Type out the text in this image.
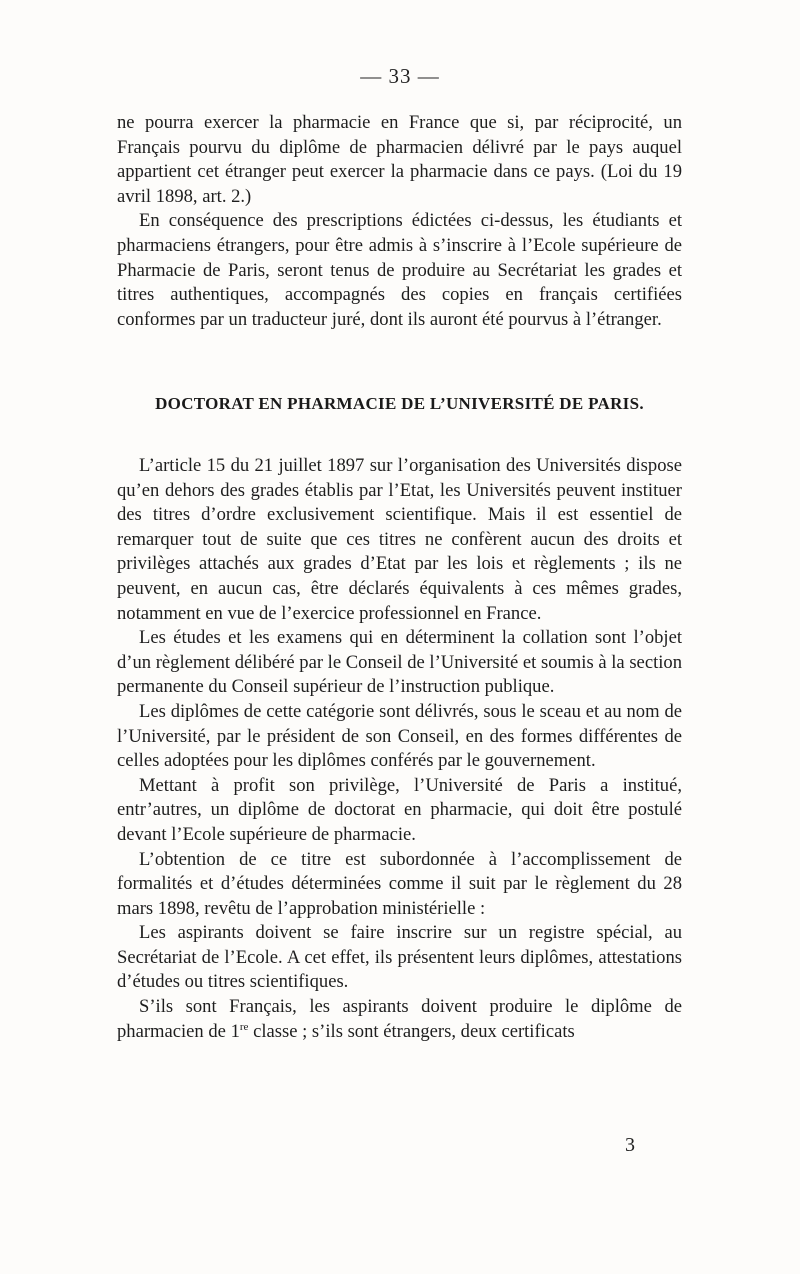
— 33 —

ne pourra exercer la pharmacie en France que si, par réciprocité, un Français pourvu du diplôme de pharmacien délivré par le pays auquel appartient cet étranger peut exercer la pharmacie dans ce pays. (Loi du 19 avril 1898, art. 2.)

En conséquence des prescriptions édictées ci-dessus, les étudiants et pharmaciens étrangers, pour être admis à s’inscrire à l’Ecole supérieure de Pharmacie de Paris, seront tenus de produire au Secrétariat les grades et titres authentiques, accompagnés des copies en français certifiées conformes par un traducteur juré, dont ils auront été pourvus à l’étranger.

DOCTORAT EN PHARMACIE DE L’UNIVERSITÉ DE PARIS.

L’article 15 du 21 juillet 1897 sur l’organisation des Universités dispose qu’en dehors des grades établis par l’Etat, les Universités peuvent instituer des titres d’ordre exclusivement scientifique. Mais il est essentiel de remarquer tout de suite que ces titres ne confèrent aucun des droits et privilèges attachés aux grades d’Etat par les lois et règlements ; ils ne peuvent, en aucun cas, être déclarés équivalents à ces mêmes grades, notamment en vue de l’exercice professionnel en France.

Les études et les examens qui en déterminent la collation sont l’objet d’un règlement délibéré par le Conseil de l’Université et soumis à la section permanente du Conseil supérieur de l’instruction publique.

Les diplômes de cette catégorie sont délivrés, sous le sceau et au nom de l’Université, par le président de son Conseil, en des formes différentes de celles adoptées pour les diplômes conférés par le gouvernement.

Mettant à profit son privilège, l’Université de Paris a institué, entr’autres, un diplôme de doctorat en pharmacie, qui doit être postulé devant l’Ecole supérieure de pharmacie.

L’obtention de ce titre est subordonnée à l’accomplissement de formalités et d’études déterminées comme il suit par le règlement du 28 mars 1898, revêtu de l’approbation ministérielle :

Les aspirants doivent se faire inscrire sur un registre spécial, au Secrétariat de l’Ecole. A cet effet, ils présentent leurs diplômes, attestations d’études ou titres scientifiques.

S’ils sont Français, les aspirants doivent produire le diplôme de pharmacien de 1re classe ; s’ils sont étrangers, deux certificats

3
